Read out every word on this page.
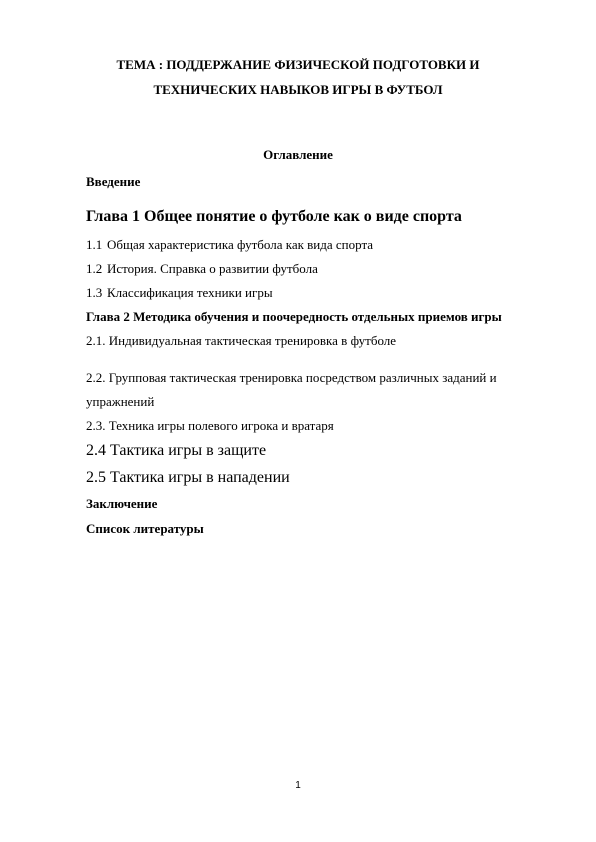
ТЕМА : ПОДДЕРЖАНИЕ ФИЗИЧЕСКОЙ ПОДГОТОВКИ И
ТЕХНИЧЕСКИХ НАВЫКОВ ИГРЫ В ФУТБОЛ
Оглавление
Введение
Глава 1 Общее понятие о футболе как о виде спорта
1.1 Общая характеристика футбола как вида спорта
1.2 История. Справка о развитии футбола
1.3 Классификация техники игры
Глава 2 Методика обучения и поочередность отдельных приемов игры
2.1. Индивидуальная тактическая тренировка в футболе
2.2. Групповая тактическая тренировка посредством различных заданий и
упражнений
2.3. Техника игры полевого игрока и вратаря
2.4 Тактика игры в защите
2.5 Тактика игры в нападении
Заключение
Список литературы
1
